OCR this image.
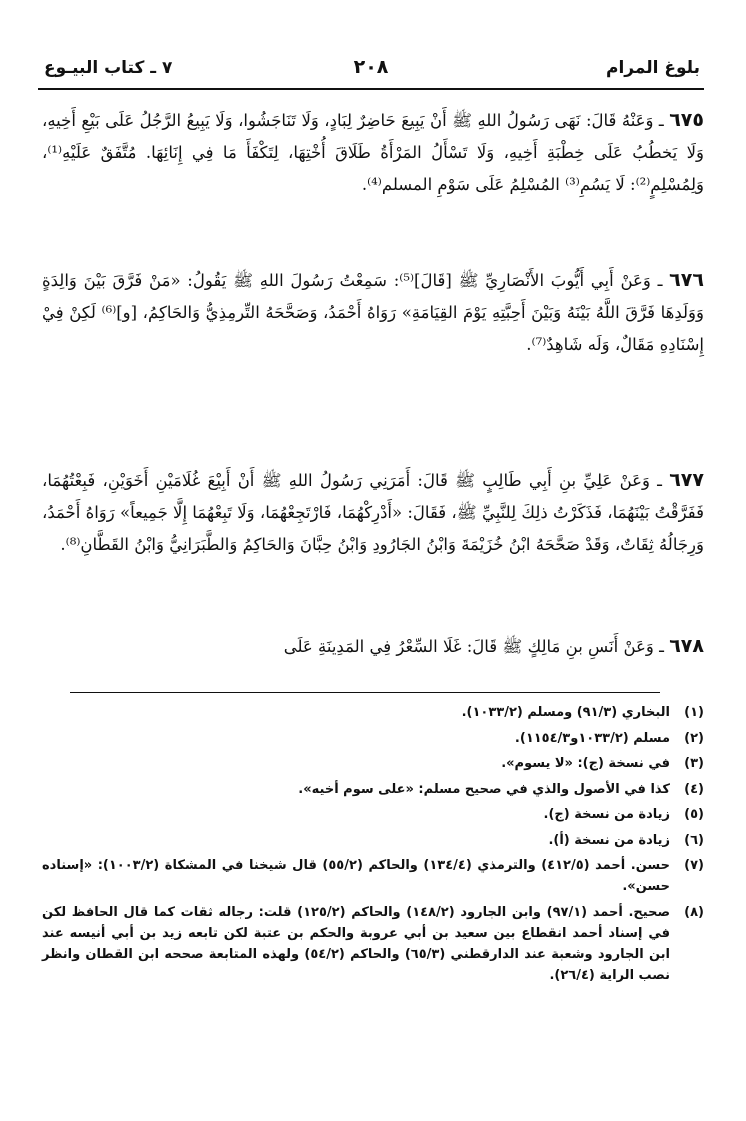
بلوغ المرام
٢٠٨
٧ ـ كتاب البيـوع

٦٧٥ ـ وَعَنْهُ قَالَ: نَهَى رَسُولُ اللهِ ﷺ أَنْ يَبِيعَ حَاضِرٌ لِبَادٍ، وَلَا تَنَاجَشُوا، وَلَا يَبِيعُ الرَّجُلُ عَلَى بَيْعِ أَخِيهِ، وَلَا يَخطُبُ عَلَى خِطْبَةِ أَخِيهِ، وَلَا تَسْأَلُ المَرْأَةُ طَلَاقَ أُخْتِهَا، لِتَكْفَأَ مَا فِي إِنَائِهَا. مُتَّفَقٌ عَلَيْهِ⁽¹⁾، وَلِمُسْلِمٍ⁽²⁾: لَا يَسُمِ⁽³⁾ المُسْلِمُ عَلَى سَوْمِ المسلم⁽⁴⁾.

٦٧٦ ـ وَعَنْ أَبِي أَيُّوبَ الأَنْصَارِيِّ ﷺ [قَالَ]⁽⁵⁾: سَمِعْتُ رَسُولَ اللهِ ﷺ يَقُولُ: «مَنْ فَرَّقَ بَيْنَ وَالِدَةٍ وَوَلَدِهَا فَرَّقَ اللَّهُ بَيْنَهُ وَبَيْنَ أَحِبَّتِهِ يَوْمَ القِيَامَةِ» رَوَاهُ أَحْمَدُ، وَصَحَّحَهُ التِّرمِذِيُّ وَالحَاكِمُ، [و]⁽⁶⁾ لَكِنْ فِيْ إِسْنَادِهِ مَقَالٌ، وَلَه شَاهِدٌ⁽⁷⁾.

٦٧٧ ـ وَعَنْ عَلِيِّ بنِ أَبِي طَالِبٍ ﷺ قَالَ: أَمَرَنِي رَسُولُ اللهِ ﷺ أَنْ أَبِيْعَ غُلَامَيْنِ أَخَوَيْنِ، فَبِعْتُهُمَا، فَفَرَّقْتُ بَيْنَهُمَا، فَذَكَرْتُ ذلِكَ لِلنَّبِيِّ ﷺ، فَقَالَ: «أَدْرِكْهُمَا، فَارْتَجِعْهُمَا، وَلَا تَبِعْهُمَا إِلَّا جَمِيعاً» رَوَاهُ أَحْمَدُ، وَرِجَالُهُ ثِقَاتٌ، وَقَدْ صَحَّحَهُ ابْنُ خُزَيْمَةَ وَابْنُ الجَارُودِ وَابْنُ حِبَّانَ وَالحَاكِمُ وَالطَّبَرَانِيُّ وَابْنُ القَطَّانِ⁽⁸⁾.

٦٧٨ ـ وَعَنْ أَنَسِ بنِ مَالِكٍ ﷺ قَالَ: غَلَا السِّعْرُ فِي المَدِينَةِ عَلَى

(١)
البخاري (٩١/٣) ومسلم (١٠٣٣/٢).
(٢)
مسلم (١٠٣٣/٢و١١٥٤/٣).
(٣)
في نسخة (ج): «لا يسوم».
(٤)
كذا في الأصول والذي في صحيح مسلم: «على سوم أخيه».
(٥)
زيادة من نسخة (ج).
(٦)
زيادة من نسخة (أ).
(٧)
حسن. أحمد (٤١٢/٥) والترمذي (١٣٤/٤) والحاكم (٥٥/٢) قال شيخنا في المشكاة (١٠٠٣/٢): «إسناده حسن».
(٨)
صحيح. أحمد (٩٧/١) وابن الجارود (١٤٨/٢) والحاكم (١٢٥/٢) قلت: رجاله ثقات كما قال الحافظ لكن في إسناد أحمد انقطاع بين سعيد بن أبي عروبة والحكم بن عتبة لكن تابعه زيد بن أبي أنيسه عند ابن الجارود وشعبة عند الدارقطني (٦٥/٣) والحاكم (٥٤/٢) ولهذه المتابعة صححه ابن القطان وانظر نصب الراية (٢٦/٤).
